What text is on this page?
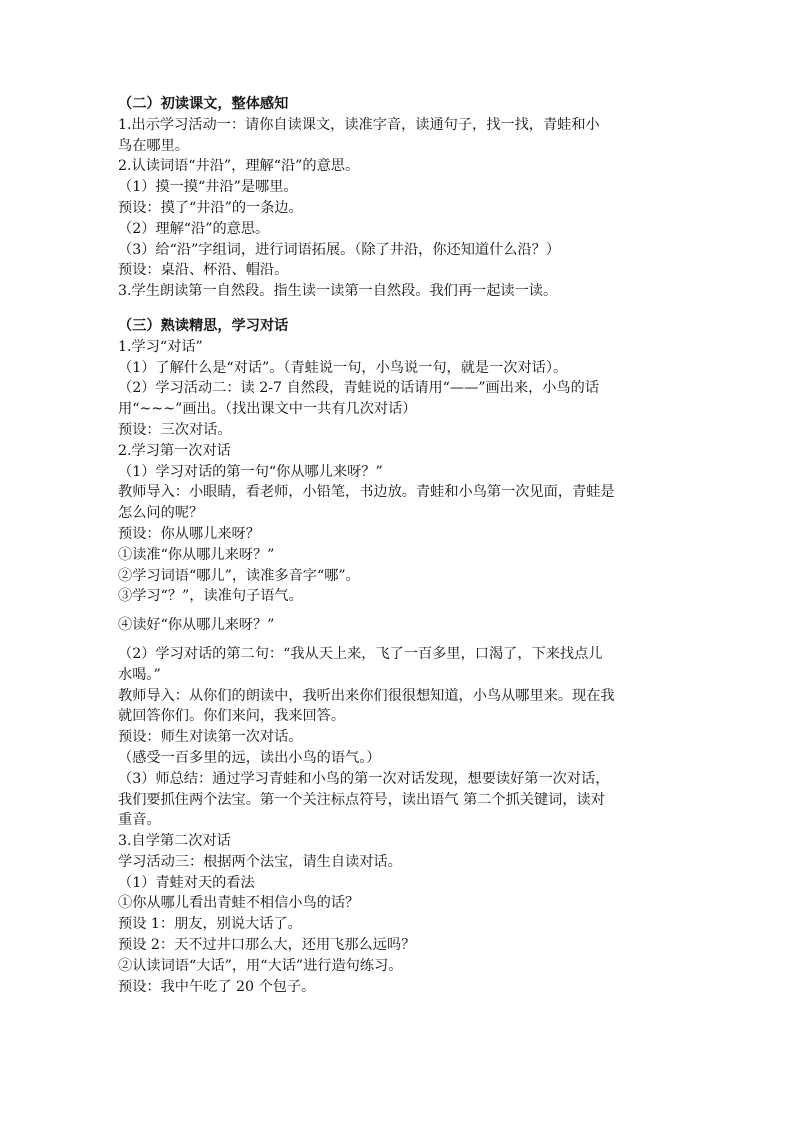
（二）初读课文，整体感知
1.出示学习活动一：请你自读课文，读准字音，读通句子，找一找，青蛙和小
鸟在哪里。
2.认读词语“井沿”，理解“沿”的意思。
（1）摸一摸“井沿”是哪里。
预设：摸了“井沿”的一条边。
（2）理解“沿”的意思。
（3）给“沿”字组词，进行词语拓展。（除了井沿，你还知道什么沿？）
预设：桌沿、杯沿、帽沿。
3.学生朗读第一自然段。指生读一读第一自然段。我们再一起读一读。
（三）熟读精思，学习对话
1.学习“对话”
（1）了解什么是“对话”。（青蛙说一句，小鸟说一句，就是一次对话）。
（2）学习活动二：读 2-7 自然段，青蛙说的话请用“——”画出来，小鸟的话
用“~~~”画出。（找出课文中一共有几次对话）
预设：三次对话。
2.学习第一次对话
（1）学习对话的第一句“你从哪儿来呀？”
教师导入：小眼睛，看老师，小铅笔，书边放。青蛙和小鸟第一次见面，青蛙是
怎么问的呢？
预设：你从哪儿来呀？
①读准“你从哪儿来呀？”
②学习词语“哪儿”，读准多音字“哪”。
③学习“？”，读准句子语气。
④读好“你从哪儿来呀？”
（2）学习对话的第二句：“我从天上来，飞了一百多里，口渴了，下来找点儿
水喝。”
教师导入：从你们的朗读中，我听出来你们很很想知道，小鸟从哪里来。现在我
就回答你们。你们来问，我来回答。
预设：师生对读第一次对话。
（感受一百多里的远，读出小鸟的语气。）
（3）师总结：通过学习青蛙和小鸟的第一次对话发现，想要读好第一次对话，
我们要抓住两个法宝。第一个关注标点符号，读出语气 第二个抓关键词，读对
重音。
3.自学第二次对话
学习活动三：根据两个法宝，请生自读对话。
（1）青蛙对天的看法
①你从哪儿看出青蛙不相信小鸟的话？
预设 1：朋友，别说大话了。
预设 2：天不过井口那么大，还用飞那么远吗？
②认读词语“大话”，用“大话”进行造句练习。
预设：我中午吃了 20 个包子。
